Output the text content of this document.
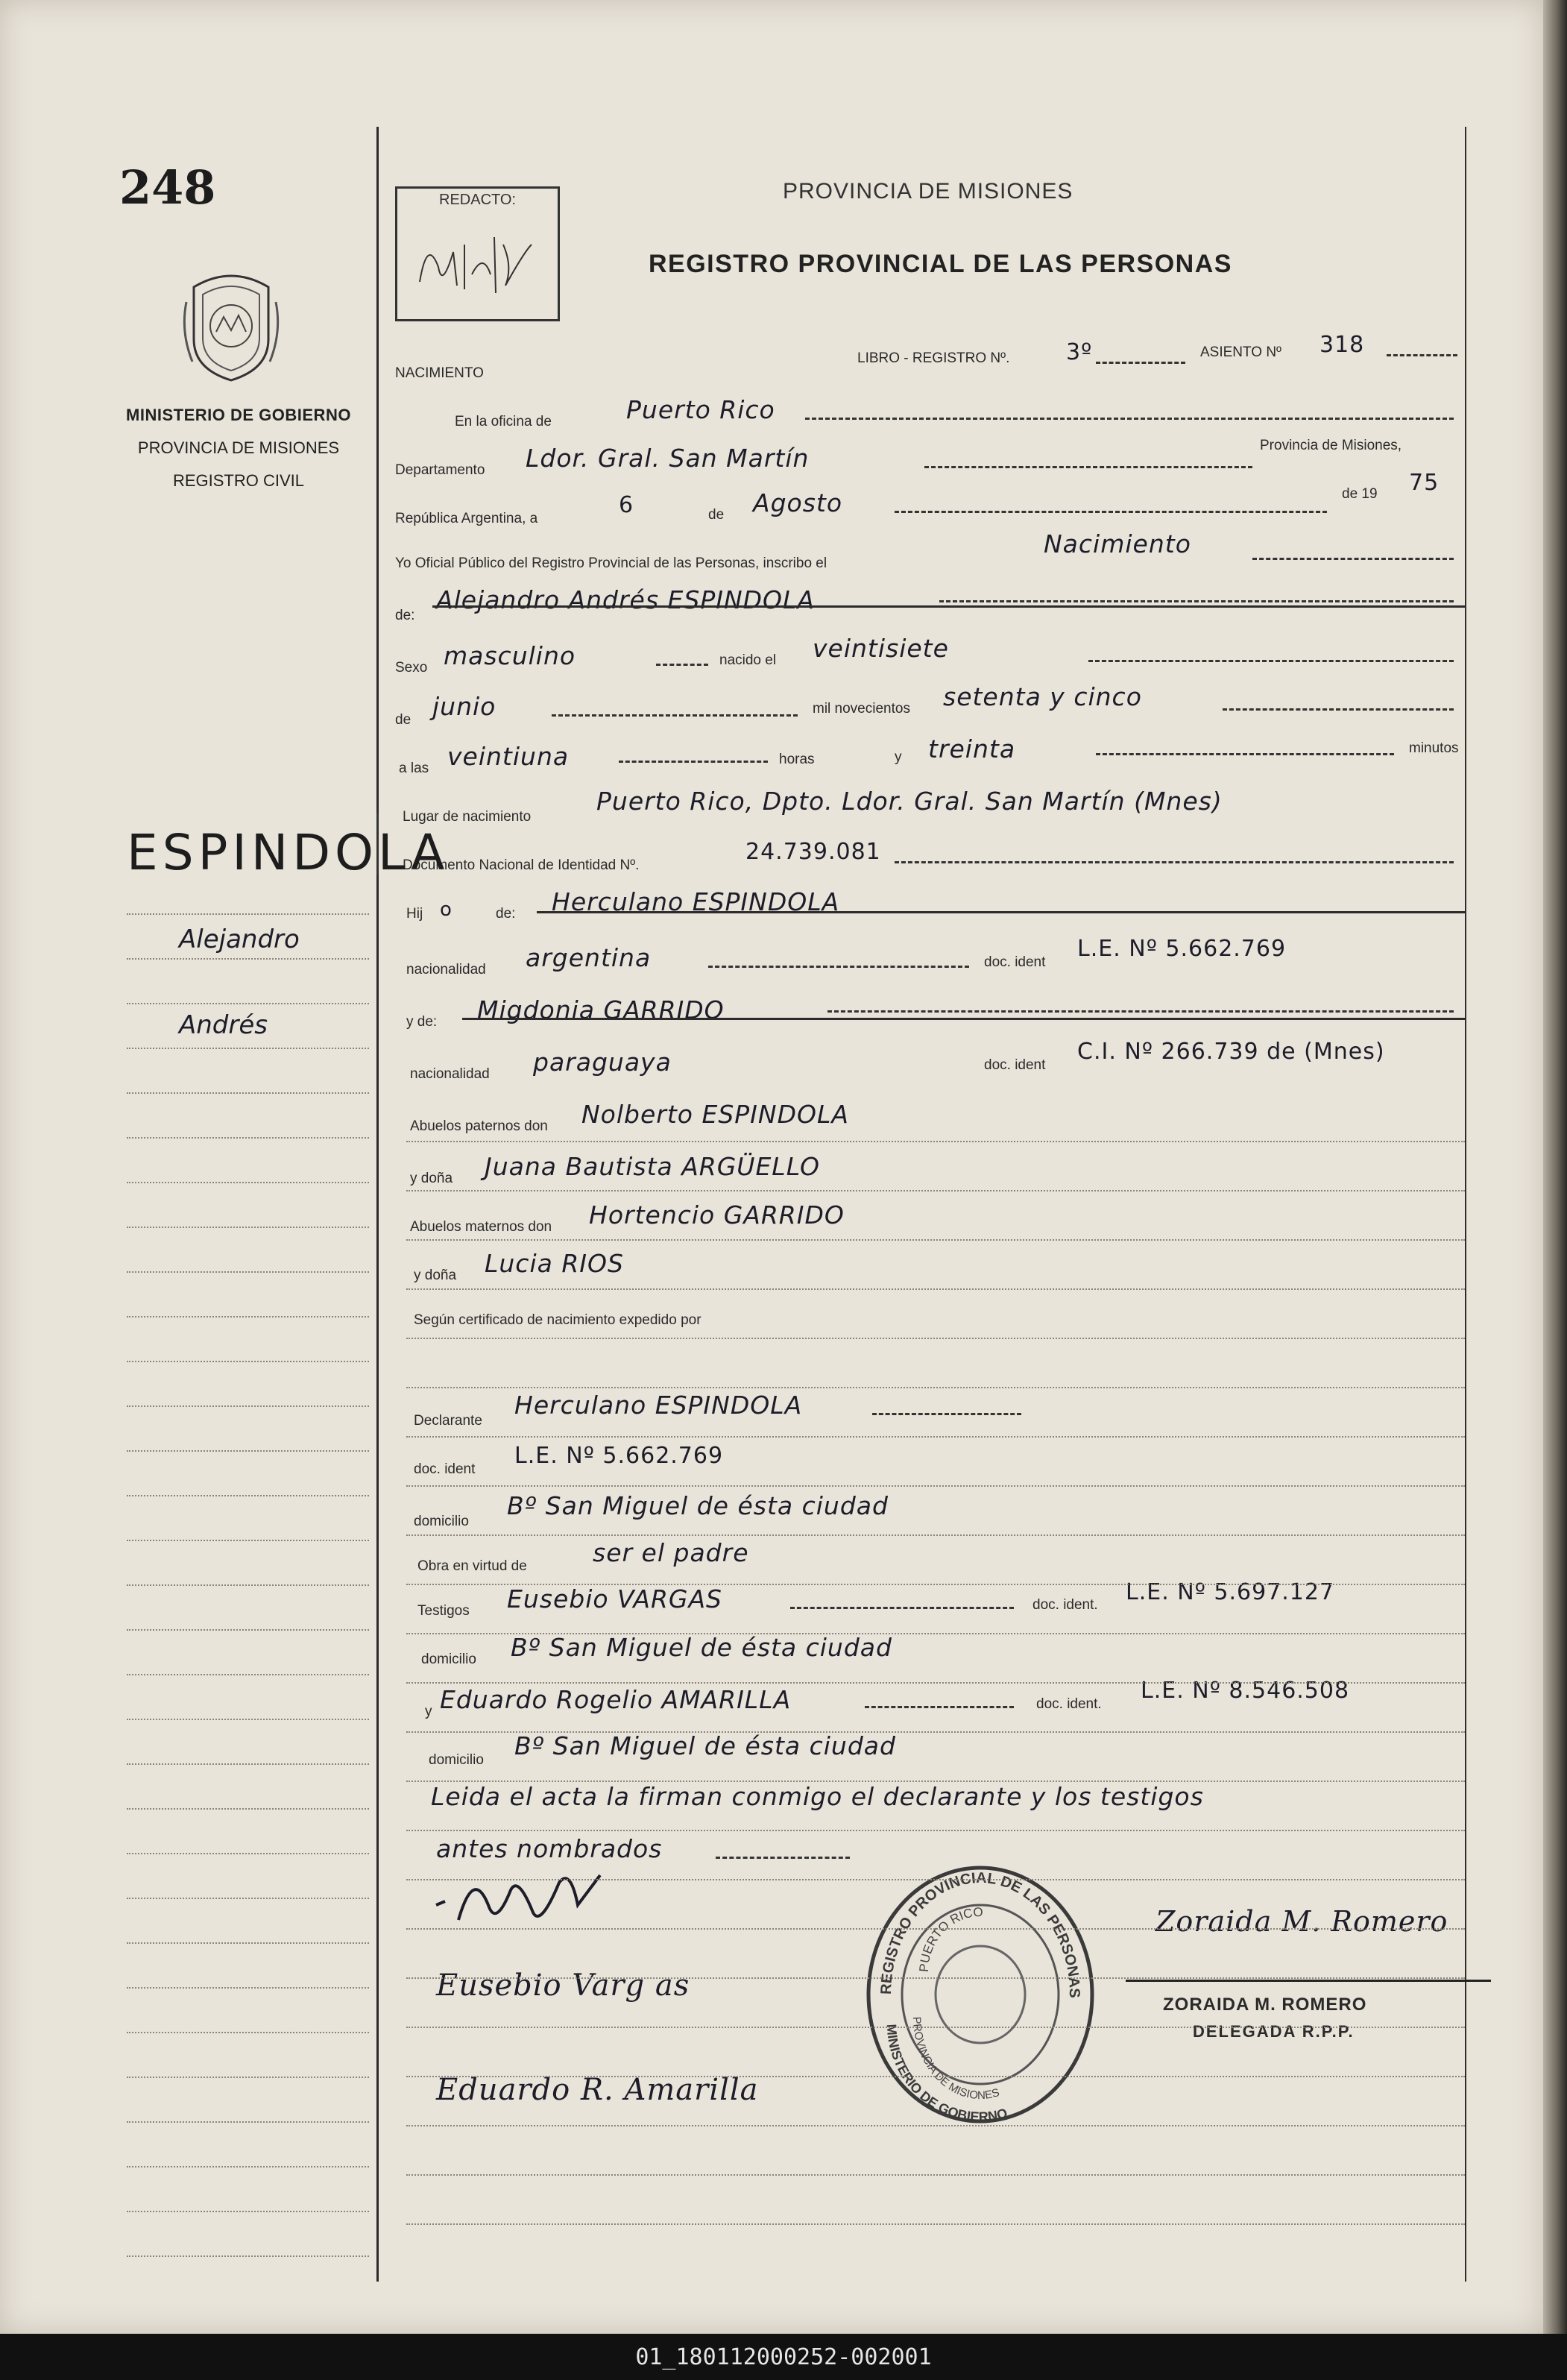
248
MINISTERIO DE GOBIERNO
PROVINCIA DE MISIONES
REGISTRO CIVIL
REDACTO:	PROVINCIA DE MISIONES
REGISTRO PROVINCIAL DE LAS PERSONAS
NACIMIENTO
LIBRO - REGISTRO Nº.	3º	ASIENTO Nº 318
En la oficina de	Puerto Rico
Departamento Ldor. Gral. San Martín	Provincia de Misiones,
República Argentina, a
6	de Agosto	de 19 75
Yo Oficial Público del Registro Provincial de las Personas, inscribo el
Nacimiento
de:
Alejandro Andrés ESPINDOLA
Sexo masculino	nacido el veintisiete
de junio	mil novecientos setenta y cinco
a las veintiuna	horas	y treinta	minutos
Lugar de nacimiento
Puerto Rico, Dpto. Ldor. Gral. San Martín (Mnes)
Documento Nacional de Identidad Nº.
24.739.081
Hij o	de: Herculano ESPINDOLA
nacionalidad argentina	doc. ident
L.E. Nº 5.662.769
y de: Migdonia GARRIDO
nacionalidad paraguaya	doc. ident
C.I. Nº 266.739 de (Mnes)
Abuelos paternos don Nolberto ESPINDOLA
y doña Juana Bautista ARGÜELLO
Abuelos maternos don Hortencio GARRIDO
y doña Lucia RIOS
Según certificado de nacimiento expedido por
Declarante
Herculano ESPINDOLA
doc. ident
L.E. Nº 5.662.769
domicilio
Bº San Miguel de ésta ciudad
Obra en virtud de	ser el padre
Testigos Eusebio VARGAS	doc. ident. L.E. Nº 5.697.127
domicilio Bº San Miguel de ésta ciudad
y Eduardo Rogelio AMARILLA	doc. ident.
L.E. Nº 8.546.508
domicilio Bº San Miguel de ésta ciudad
Leida el acta la firman conmigo el declarante y los testigos
antes nombrados
ESPINDOLA
Alejandro
Andrés
Eusebio Varg as
Eduardo R. Amarilla
Zoraida M. Romero
REGISTRO PROVINCIAL DE LAS PERSONAS
PUERTO RICO
PROVINCIA DE MISIONES
MINISTERIO DE GOBIERNO
ZORAIDA M. ROMERO
DELEGADA R.P.P.
01_180112000252-002001
